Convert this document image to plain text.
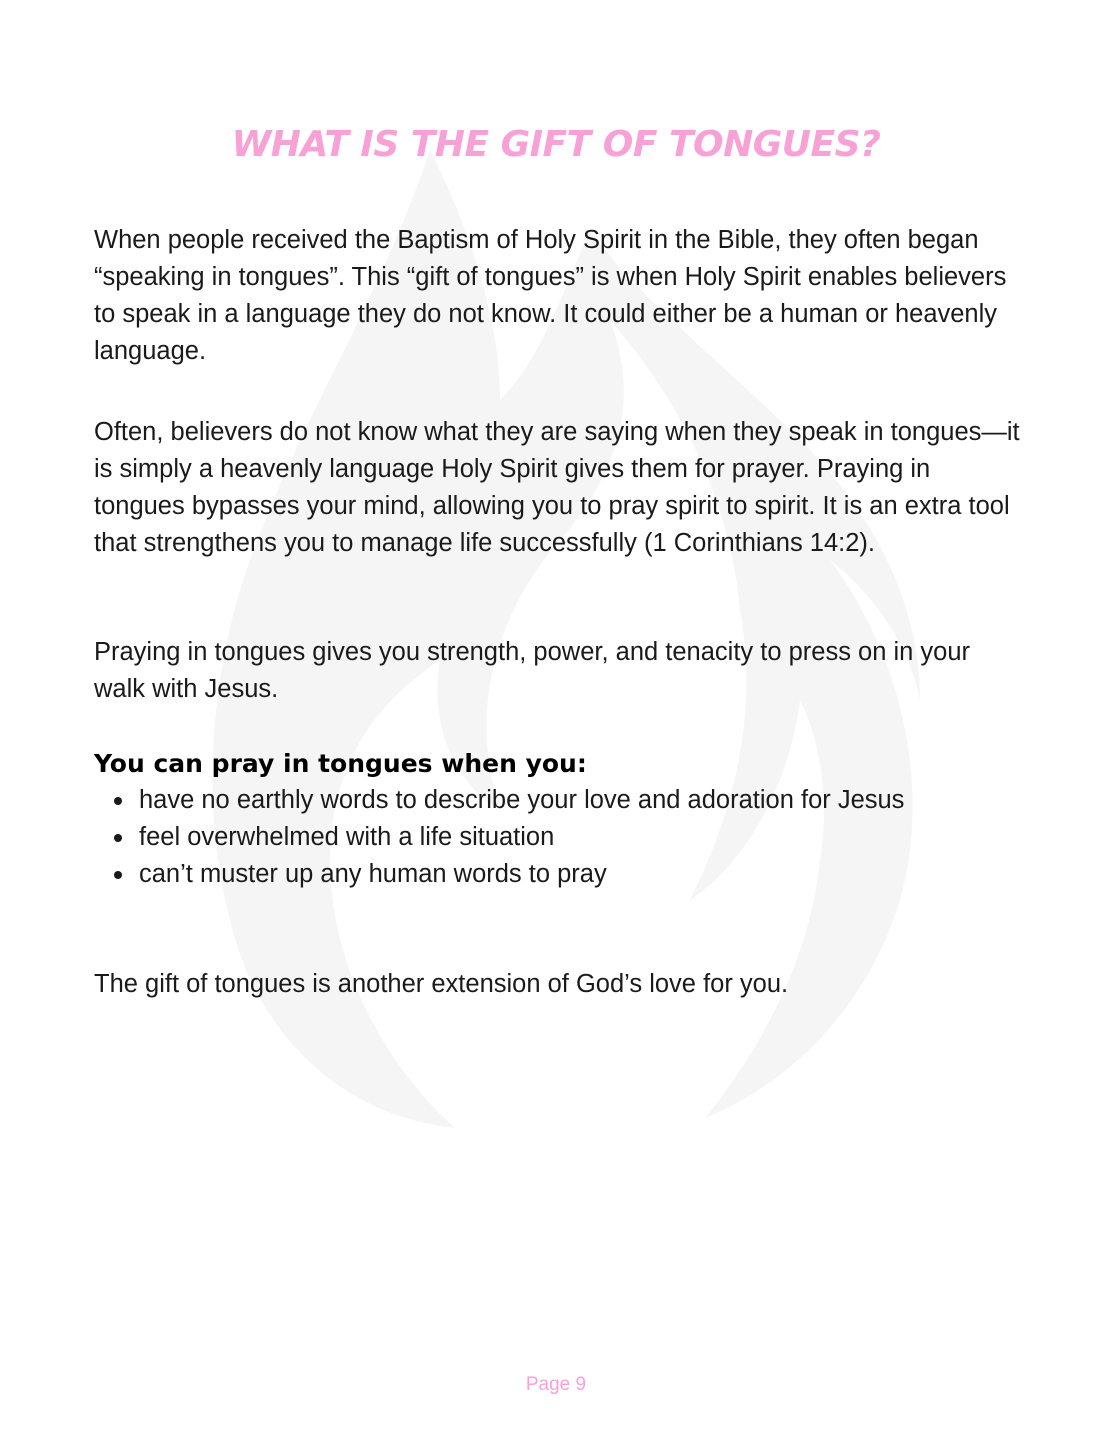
WHAT IS THE GIFT OF TONGUES?

When people received the Baptism of Holy Spirit in the Bible, they often began “speaking in tongues”. This “gift of tongues” is when Holy Spirit enables believers to speak in a language they do not know. It could either be a human or heavenly language.

Often, believers do not know what they are saying when they speak in tongues—it is simply a heavenly language Holy Spirit gives them for prayer. Praying in tongues bypasses your mind, allowing you to pray spirit to spirit. It is an extra tool that strengthens you to manage life successfully (1 Corinthians 14:2).

Praying in tongues gives you strength, power, and tenacity to press on in your walk with Jesus.

You can pray in tongues when you:
have no earthly words to describe your love and adoration for Jesus
feel overwhelmed with a life situation
can’t muster up any human words to pray

The gift of tongues is another extension of God’s love for you.

Page 9
